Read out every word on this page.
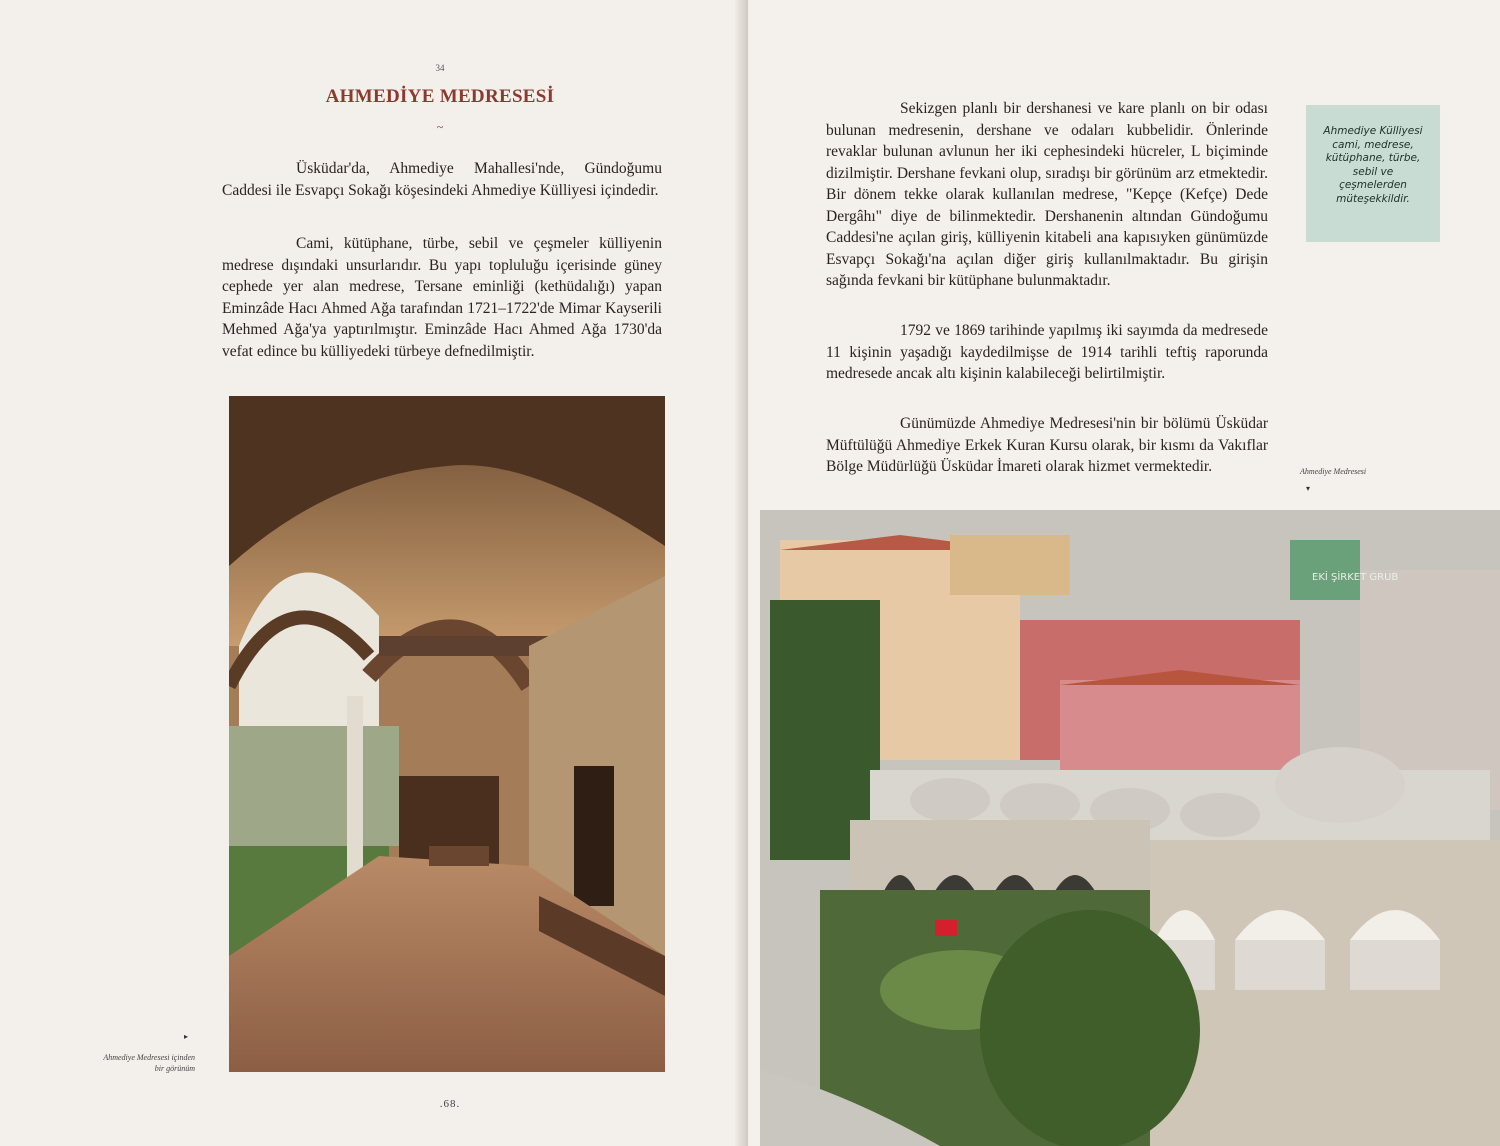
34
AHMEDİYE MEDRESESİ
~

Üsküdar'da, Ahmediye Mahallesi'nde, Gündoğumu Caddesi ile Esvapçı Sokağı köşesindeki Ahmediye Külliyesi içindedir.

Cami, kütüphane, türbe, sebil ve çeşmeler külliyenin medrese dışındaki unsurlarıdır. Bu yapı topluluğu içerisinde güney cephede yer alan medrese, Tersane eminliği (kethüdalığı) yapan Eminzâde Hacı Ahmed Ağa tarafından 1721–1722'de Mimar Kayserili Mehmed Ağa'ya yaptırılmıştır. Eminzâde Hacı Ahmed Ağa 1730'da vefat edince bu külliyedeki türbeye defnedilmiştir.

▸
Ahmediye Medresesi içinden bir görünüm
.68.

Sekizgen planlı bir dershanesi ve kare planlı on bir odası bulunan medresenin, dershane ve odaları kubbelidir. Önlerinde revaklar bulunan avlunun her iki cephesindeki hücreler, L biçiminde dizilmiştir. Dershane fevkani olup, sıradışı bir görünüm arz etmektedir. Bir dönem tekke olarak kullanılan medrese, "Kepçe (Kefçe) Dede Dergâhı" diye de bilinmektedir. Dershanenin altından Gündoğumu Caddesi'ne açılan giriş, külliyenin kitabeli ana kapısıyken günümüzde Esvapçı Sokağı'na açılan diğer giriş kullanılmaktadır. Bu girişin sağında fevkani bir kütüphane bulunmaktadır.

1792 ve 1869 tarihinde yapılmış iki sayımda da medresede 11 kişinin yaşadığı kaydedilmişse de 1914 tarihli teftiş raporunda medresede ancak altı kişinin kalabileceği belirtilmiştir.

Günümüzde Ahmediye Medresesi'nin bir bölümü Üsküdar Müftülüğü Ahmediye Erkek Kuran Kursu olarak, bir kısmı da Vakıflar Bölge Müdürlüğü Üsküdar İmareti olarak hizmet vermektedir.

Ahmediye Külliyesi cami, medrese, kütüphane, türbe, sebil ve çeşmelerden müteşekkildir.
Ahmediye Medresesi
▾
EKİ ŞİRKET GRUB
